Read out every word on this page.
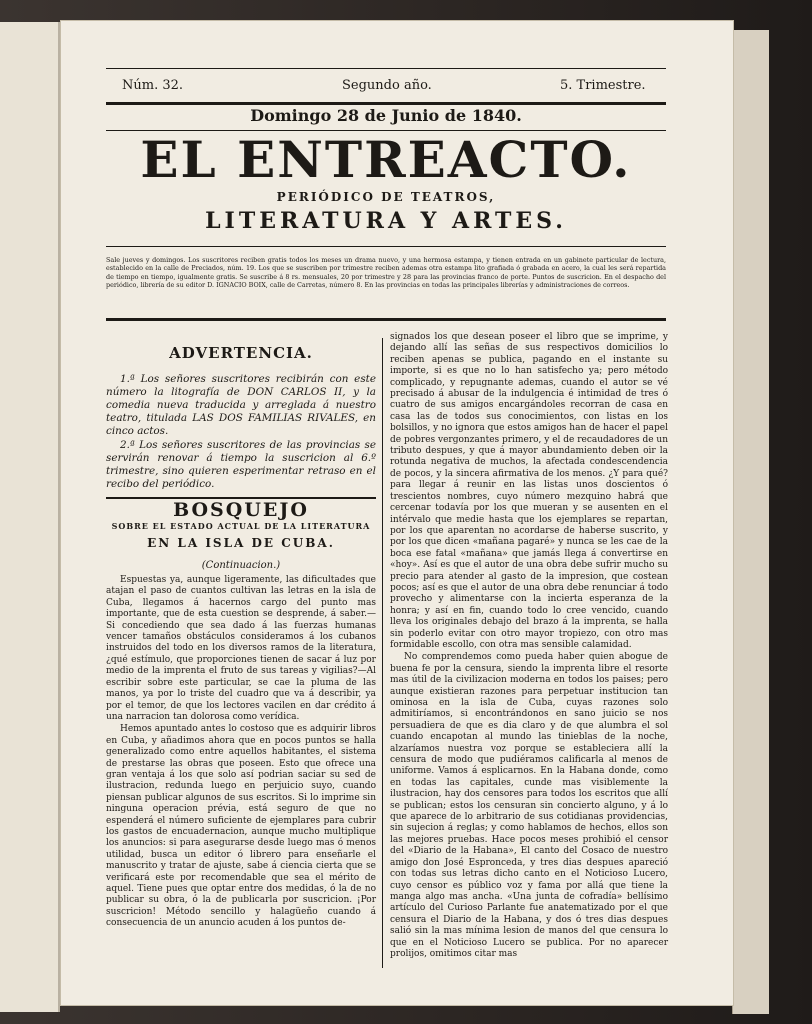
Núm. 32.	Segundo año.	5. Trimestre.
Domingo 28 de Junio de 1840.
EL ENTREACTO.
PERIÓDICO DE TEATROS,
LITERATURA Y ARTES.
Sale jueves y domingos. Los suscritores reciben gratis todos los meses un drama nuevo, y una hermosa estampa, y tienen entrada en un gabinete particular de lectura, establecido en la calle de Preciados, núm. 19. Los que se suscriben por trimestre reciben ademas otra estampa lito grafiada ó grabada en acero, la cual les será repartida de tiempo en tiempo, igualmente gratis. Se suscribe á 8 rs. mensuales, 20 por trimestre y 28 para las provincias franco de porte. Puntos de suscricion. En el despacho del periódico, librería de su editor D. IGNACIO BOIX, calle de Carretas, número 8. En las provincias en todas las principales librerías y administraciones de correos.
ADVERTENCIA.

1.ª Los señores suscritores recibirán con este número la litografía de DON CARLOS II, y la comedia nueva traducida y arreglada á nuestro teatro, titulada LAS DOS FAMILIAS RIVALES, en cinco actos.

2.ª Los señores suscritores de las provincias se servirán renovar á tiempo la suscricion al 6.º trimestre, sino quieren esperimentar retraso en el recibo del periódico.

BOSQUEJO
SOBRE EL ESTADO ACTUAL DE LA LITERATURA
EN LA ISLA DE CUBA.
(Continuacion.)

Espuestas ya, aunque ligeramente, las dificultades que atajan el paso de cuantos cultivan las letras en la isla de Cuba, llegamos á hacernos cargo del punto mas importante, que de esta cuestion se desprende, á saber.—Si concediendo que sea dado á las fuerzas humanas vencer tamaños obstáculos consideramos á los cubanos instruidos del todo en los diversos ramos de la literatura, ¿qué estímulo, que proporciones tienen de sacar á luz por medio de la imprenta el fruto de sus tareas y vigilias?—Al escribir sobre este particular, se cae la pluma de las manos, ya por lo triste del cuadro que va á describir, ya por el temor, de que los lectores vacilen en dar crédito á una narracion tan dolorosa como verídica.

Hemos apuntado antes lo costoso que es adquirir libros en Cuba, y añadimos ahora que en pocos puntos se halla generalizado como entre aquellos habitantes, el sistema de prestarse las obras que poseen. Esto que ofrece una gran ventaja á los que solo así podrian saciar su sed de ilustracion, redunda luego en perjuicio suyo, cuando piensan publicar algunos de sus escritos. Si lo imprime sin ninguna operacion prévia, está seguro de que no espenderá el número suficiente de ejemplares para cubrir los gastos de encuadernacion, aunque mucho multiplique los anuncios: si para asegurarse desde luego mas ó menos utilidad, busca un editor ó librero para enseñarle el manuscrito y tratar de ajuste, sabe á ciencia cierta que se verificará este por recomendable que sea el mérito de aquel. Tiene pues que optar entre dos medidas, ó la de no publicar su obra, ó la de publicarla por suscricion. ¡Por suscricion! Método sencillo y halagüeño cuando á consecuencia de un anuncio acuden á los puntos de-

signados los que desean poseer el libro que se imprime, y dejando allí las señas de sus respectivos domicilios lo reciben apenas se publica, pagando en el instante su importe, si es que no lo han satisfecho ya; pero método complicado, y repugnante ademas, cuando el autor se vé precisado á abusar de la indulgencia é intimidad de tres ó cuatro de sus amigos encargándoles recorran de casa en casa las de todos sus conocimientos, con listas en los bolsillos, y no ignora que estos amigos han de hacer el papel de pobres vergonzantes primero, y el de recaudadores de un tributo despues, y que á mayor abundamiento deben oir la rotunda negativa de muchos, la afectada condescendencia de pocos, y la sincera afirmativa de los menos. ¿Y para qué? para llegar á reunir en las listas unos doscientos ó trescientos nombres, cuyo número mezquino habrá que cercenar todavía por los que mueran y se ausenten en el intérvalo que medie hasta que los ejemplares se repartan, por los que aparentan no acordarse de haberse suscrito, y por los que dicen «mañana pagaré» y nunca se les cae de la boca ese fatal «mañana» que jamás llega á convertirse en «hoy». Así es que el autor de una obra debe sufrir mucho su precio para atender al gasto de la impresion, que costean pocos; así es que el autor de una obra debe renunciar á todo provecho y alimentarse con la incierta esperanza de la honra; y así en fin, cuando todo lo cree vencido, cuando lleva los originales debajo del brazo á la imprenta, se halla sin poderlo evitar con otro mayor tropiezo, con otro mas formidable escollo, con otra mas sensible calamidad.

No comprendemos como pueda haber quien abogue de buena fe por la censura, siendo la imprenta libre el resorte mas útil de la civilizacion moderna en todos los paises; pero aunque existieran razones para perpetuar institucion tan ominosa en la isla de Cuba, cuyas razones solo admitiríamos, si encontrándonos en sano juicio se nos persuadiera de que es dia claro y de que alumbra el sol cuando encapotan al mundo las tinieblas de la noche, alzaríamos nuestra voz porque se estableciera allí la censura de modo que pudiéramos calificarla al menos de uniforme. Vamos á esplicarnos. En la Habana donde, como en todas las capitales, cunde mas visiblemente la ilustracion, hay dos censores para todos los escritos que allí se publican; estos los censuran sin concierto alguno, y á lo que aparece de lo arbitrario de sus cotidianas providencias, sin sujecion á reglas; y como hablamos de hechos, ellos son las mejores pruebas. Hace pocos meses prohibió el censor del «Diario de la Habana», El canto del Cosaco de nuestro amigo don José Espronceda, y tres dias despues apareció con todas sus letras dicho canto en el Noticioso Lucero, cuyo censor es público voz y fama por allá que tiene la manga algo mas ancha. «Una junta de cofradía» bellísimo artículo del Curioso Parlante fue anatematizado por el que censura el Diario de la Habana, y dos ó tres dias despues salió sin la mas mínima lesion de manos del que censura lo que en el Noticioso Lucero se publica. Por no aparecer prolijos, omitimos citar mas
